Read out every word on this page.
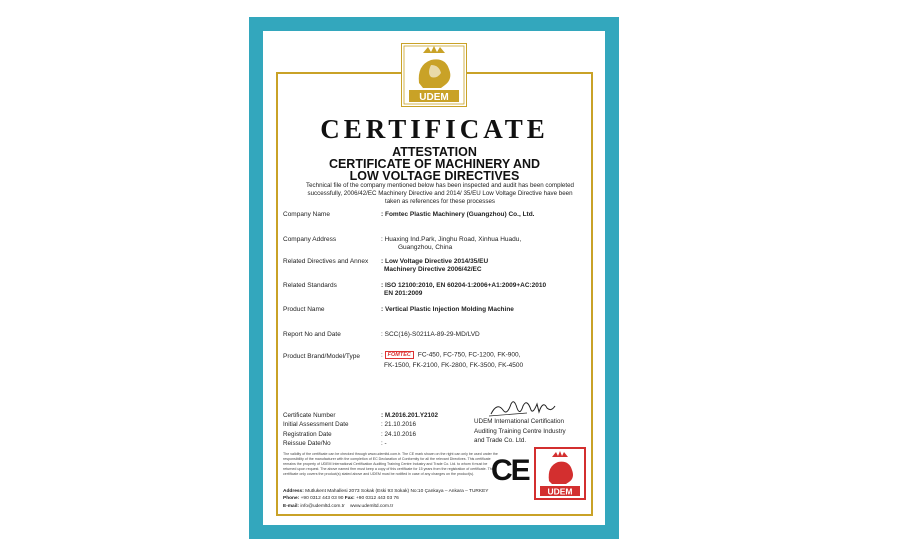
UDEM
CERTIFICATE
ATTESTATION
CERTIFICATE OF MACHINERY AND
LOW VOLTAGE DIRECTIVES
Technical file of the company mentioned below has been inspected and audit has been completed successfully, 2006/42/EC Machinery Directive and 2014/ 35/EU Low Voltage Directive have been taken as references for these processes
Company Name	: Fomtec Plastic Machinery (Guangzhou) Co., Ltd.
Company Address	: Huaxing Ind.Park, Jinghu Road, Xinhua Huadu,
Guangzhou, China
Related Directives and Annex : Low Voltage Directive 2014/35/EU
Machinery Directive 2006/42/EC
Related Standards	: ISO 12100:2010, EN 60204-1:2006+A1:2009+AC:2010
EN 201:2009
Product Name	: Vertical Plastic Injection Molding Machine
Report No and Date	: SCC(16)-S0211A-89-29-MD/LVD
Product Brand/Model/Type	: FOMTEC FC-450, FC-750, FC-1200, FK-900,
FK-1500, FK-2100, FK-2800, FK-3500, FK-4500
Certificate Number	: M.2016.201.Y2102
Initial Assessment Date	: 21.10.2016
Registration Date	: 24.10.2016
Reissue Date/No	: -
UDEM International Certification
Auditing Training Centre Industry
and Trade Co. Ltd.
The validity of the certificate can be checked through www.udemltd.com.tr. The CE mark shown on the right can only be used under the responsibility of the manufacturer with the completion of EC Declaration of Conformity for all the relevant Directives. This certificate remains the property of UDEM International Certification Auditing Training Centre Industry and Trade Co. Ltd. to whom it must be returned upon request. The above named firm must keep a copy of this certificate for 15 years from the registration of certificate. This certificate only covers the product(s) stated above and UDEM must be notified in case of any changes on the product(s).
Address: Mutlukent Mahallesi 2073 Sokak (Eski 93 Sokak) No:10 Çankaya – Ankara – TURKEY
Phone: +90 0312 443 03 90 Fax: +90 0312 443 03 76
E-mail: info@udemltd.com.tr www.udemltd.com.tr
CE
UDEM
